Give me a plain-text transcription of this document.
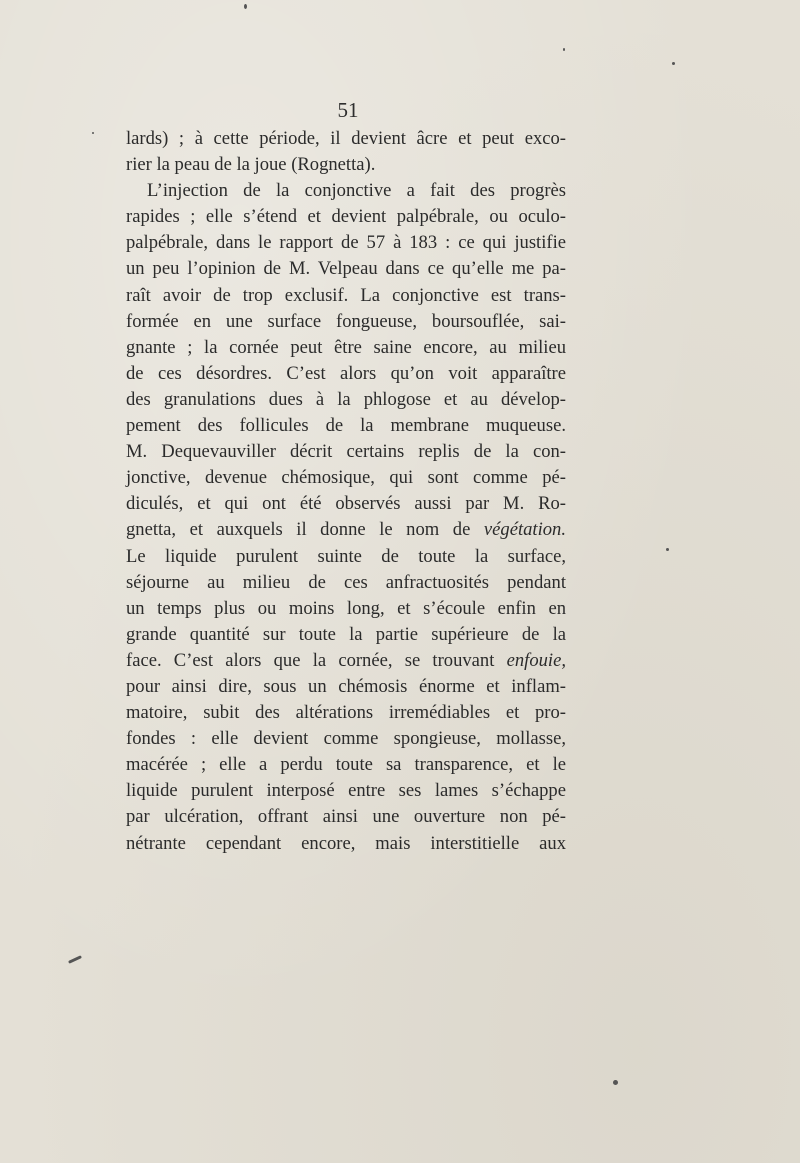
51
lards) ; à cette période, il devient âcre et peut exco-
rier la peau de la joue (Rognetta).
L’injection de la conjonctive a fait des progrès
rapides ; elle s’étend et devient palpébrale, ou oculo-
palpébrale, dans le rapport de 57 à 183 : ce qui justifie
un peu l’opinion de M. Velpeau dans ce qu’elle me pa-
raît avoir de trop exclusif. La conjonctive est trans-
formée en une surface fongueuse, boursouflée, sai-
gnante ; la cornée peut être saine encore, au milieu
de ces désordres. C’est alors qu’on voit apparaître
des granulations dues à la phlogose et au dévelop-
pement des follicules de la membrane muqueuse.
M. Dequevauviller décrit certains replis de la con-
jonctive, devenue chémosique, qui sont comme pé-
diculés, et qui ont été observés aussi par M. Ro-
gnetta, et auxquels il donne le nom de végétation.
Le liquide purulent suinte de toute la surface,
séjourne au milieu de ces anfractuosités pendant
un temps plus ou moins long, et s’écoule enfin en
grande quantité sur toute la partie supérieure de la
face. C’est alors que la cornée, se trouvant enfouie,
pour ainsi dire, sous un chémosis énorme et inflam-
matoire, subit des altérations irremédiables et pro-
fondes : elle devient comme spongieuse, mollasse,
macérée ; elle a perdu toute sa transparence, et le
liquide purulent interposé entre ses lames s’échappe
par ulcération, offrant ainsi une ouverture non pé-
nétrante cependant encore, mais interstitielle aux
